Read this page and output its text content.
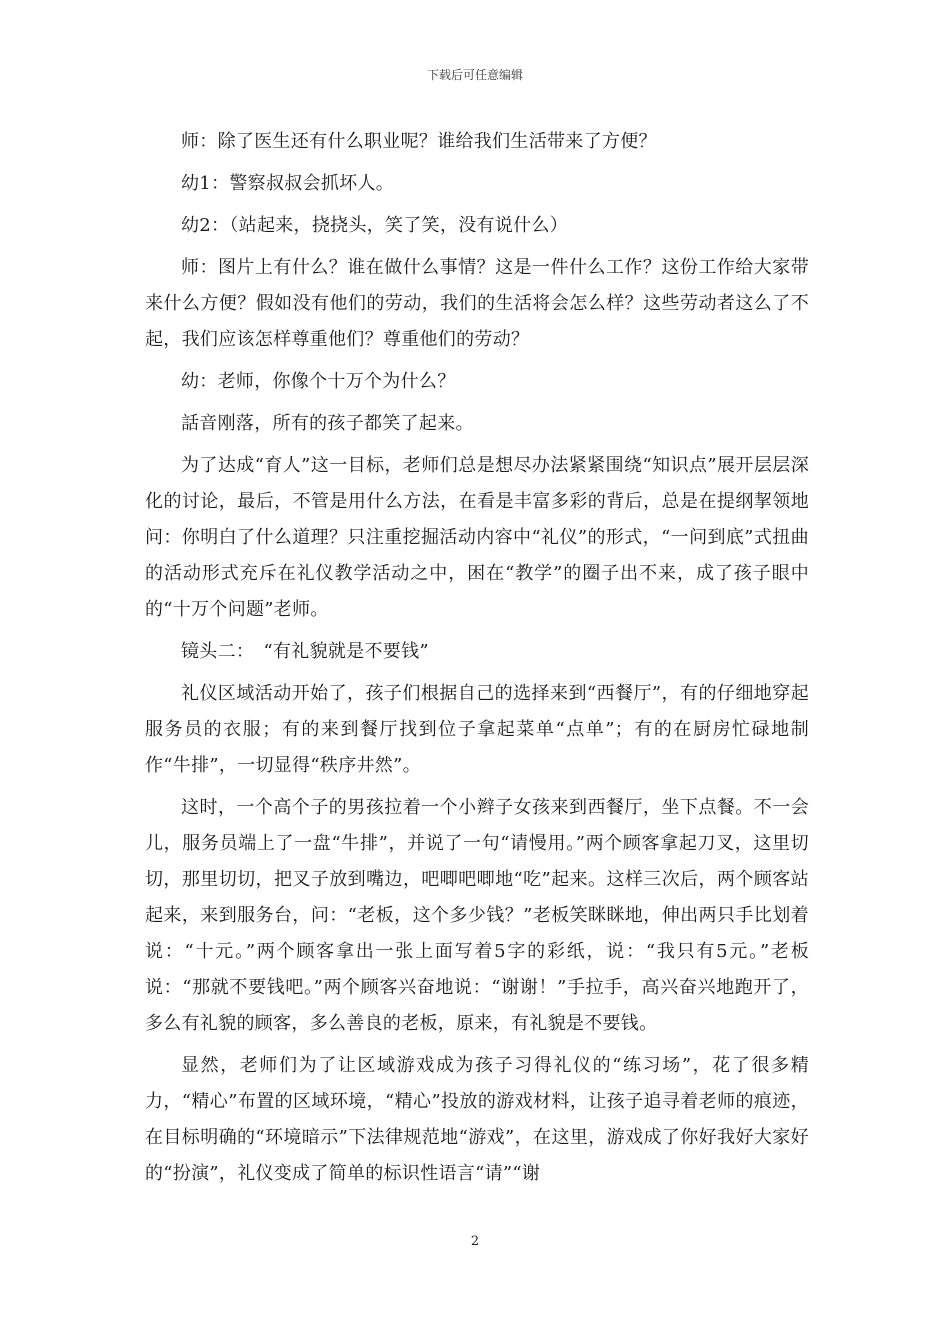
下载后可任意编辑

师：除了医生还有什么职业呢？谁给我们生活带来了方便？

幼1：警察叔叔会抓坏人。

幼2：（站起来，挠挠头，笑了笑，没有说什么）

师：图片上有什么？谁在做什么事情？这是一件什么工作？这份工作给大家带来什么方便？假如没有他们的劳动，我们的生活将会怎么样？这些劳动者这么了不起，我们应该怎样尊重他们？尊重他们的劳动？

幼：老师，你像个十万个为什么？

話音刚落，所有的孩子都笑了起来。

为了达成“育人”这一目标，老师们总是想尽办法紧紧围绕“知识点”展开层层深化的讨论，最后，不管是用什么方法，在看是丰富多彩的背后，总是在提纲挈领地问：你明白了什么道理？只注重挖掘活动内容中“礼仪”的形式，“一问到底”式扭曲的活动形式充斥在礼仪教学活动之中，困在“教学”的圈子出不来，成了孩子眼中的“十万个问题”老师。

镜头二：　“有礼貌就是不要钱”

礼仪区域活动开始了，孩子们根据自己的选择来到“西餐厅”，有的仔细地穿起服务员的衣服；有的来到餐厅找到位子拿起菜单“点单”；有的在厨房忙碌地制作“牛排”，一切显得“秩序井然”。

这时，一个高个子的男孩拉着一个小辫子女孩来到西餐厅，坐下点餐。不一会儿，服务员端上了一盘“牛排”，并说了一句“请慢用。”两个顾客拿起刀叉，这里切切，那里切切，把叉子放到嘴边，吧唧吧唧地“吃”起来。这样三次后，两个顾客站起来，来到服务台，问：“老板，这个多少钱？”老板笑眯眯地，伸出两只手比划着说：“十元。”两个顾客拿出一张上面写着5字的彩纸，说：“我只有5元。”老板说：“那就不要钱吧。”两个顾客兴奋地说：“谢谢！”手拉手，高兴奋兴地跑开了，多么有礼貌的顾客，多么善良的老板，原来，有礼貌是不要钱。

显然，老师们为了让区域游戏成为孩子习得礼仪的“练习场”，花了很多精力，“精心”布置的区域环境，“精心”投放的游戏材料，让孩子追寻着老师的痕迹，在目标明确的“环境暗示”下法律规范地“游戏”，在这里，游戏成了你好我好大家好的“扮演”，礼仪变成了简单的标识性语言“请”“谢

2
